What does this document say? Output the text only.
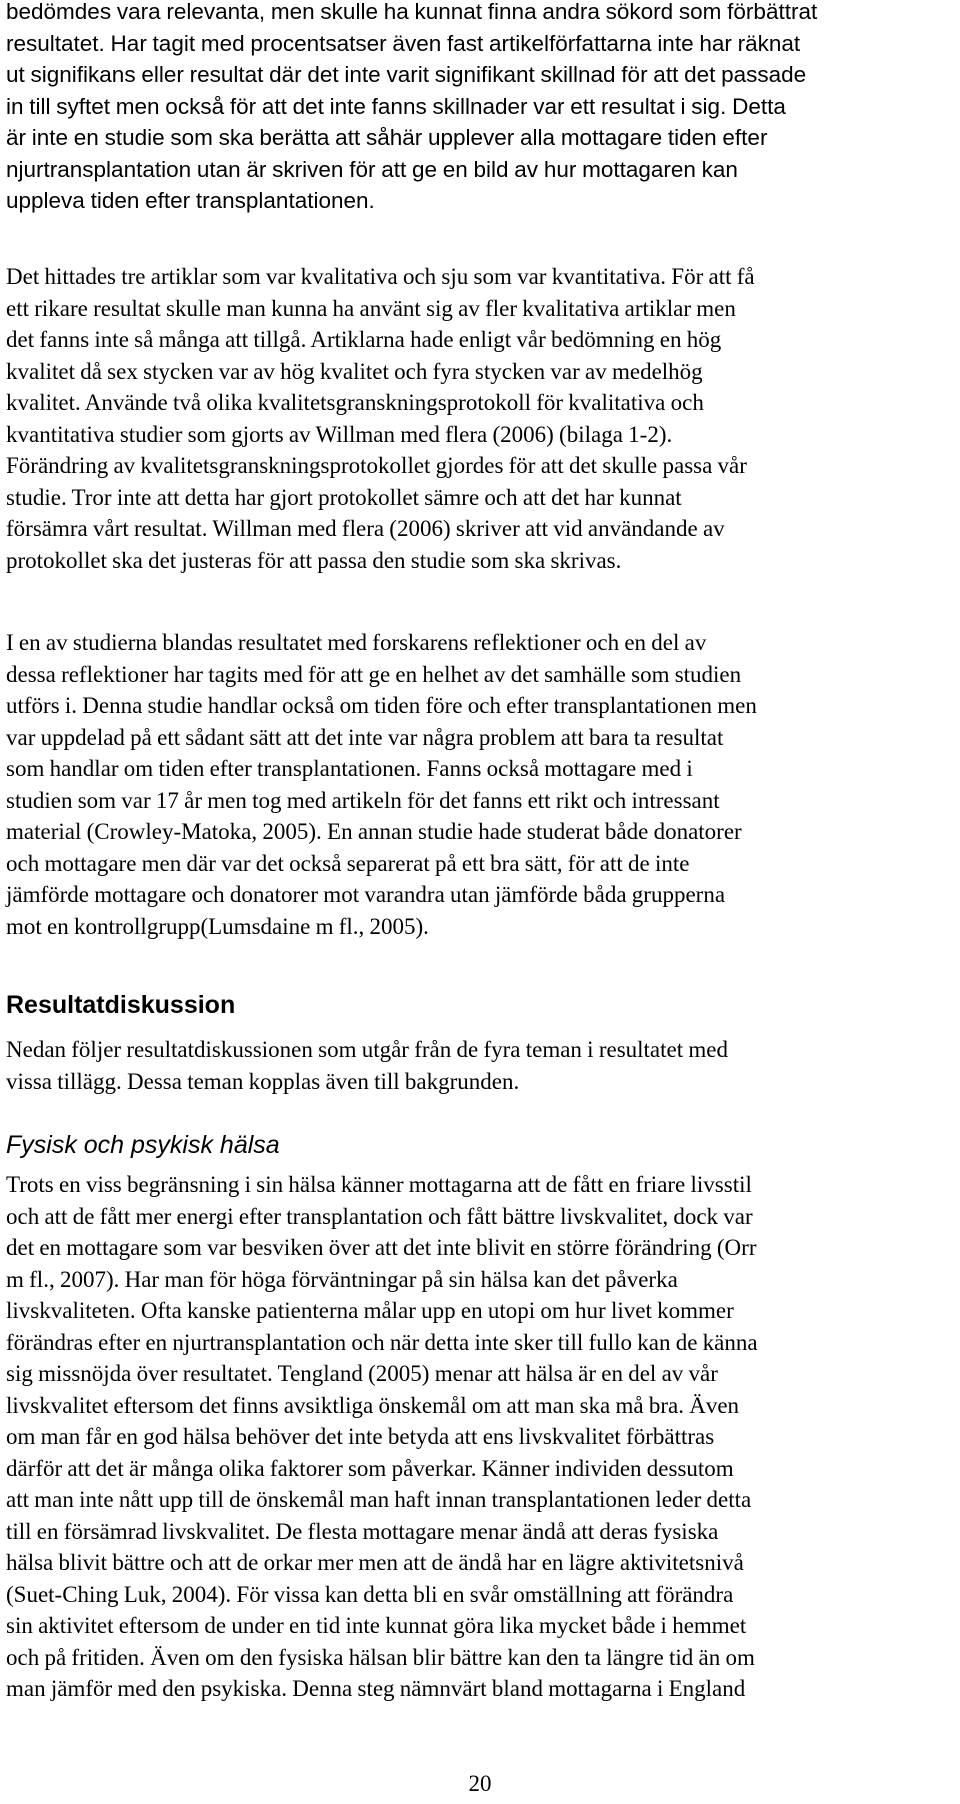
bedömdes vara relevanta, men skulle ha kunnat finna andra sökord som förbättrat
resultatet. Har tagit med procentsatser även fast artikelförfattarna inte har räknat
ut signifikans eller resultat där det inte varit signifikant skillnad för att det passade
in till syftet men också för att det inte fanns skillnader var ett resultat i sig. Detta
är inte en studie som ska berätta att såhär upplever alla mottagare tiden efter
njurtransplantation utan är skriven för att ge en bild av hur mottagaren kan
uppleva tiden efter transplantationen.

Det hittades tre artiklar som var kvalitativa och sju som var kvantitativa. För att få
ett rikare resultat skulle man kunna ha använt sig av fler kvalitativa artiklar men
det fanns inte så många att tillgå. Artiklarna hade enligt vår bedömning en hög
kvalitet då sex stycken var av hög kvalitet och fyra stycken var av medelhög
kvalitet. Använde två olika kvalitetsgranskningsprotokoll för kvalitativa och
kvantitativa studier som gjorts av Willman med flera (2006) (bilaga 1-2).
Förändring av kvalitetsgranskningsprotokollet gjordes för att det skulle passa vår
studie. Tror inte att detta har gjort protokollet sämre och att det har kunnat
försämra vårt resultat. Willman med flera (2006) skriver att vid användande av
protokollet ska det justeras för att passa den studie som ska skrivas.

I en av studierna blandas resultatet med forskarens reflektioner och en del av
dessa reflektioner har tagits med för att ge en helhet av det samhälle som studien
utförs i. Denna studie handlar också om tiden före och efter transplantationen men
var uppdelad på ett sådant sätt att det inte var några problem att bara ta resultat
som handlar om tiden efter transplantationen. Fanns också mottagare med i
studien som var 17 år men tog med artikeln för det fanns ett rikt och intressant
material (Crowley-Matoka, 2005). En annan studie hade studerat både donatorer
och mottagare men där var det också separerat på ett bra sätt, för att de inte
jämförde mottagare och donatorer mot varandra utan jämförde båda grupperna
mot en kontrollgrupp(Lumsdaine m fl., 2005).

Resultatdiskussion

Nedan följer resultatdiskussionen som utgår från de fyra teman i resultatet med
vissa tillägg. Dessa teman kopplas även till bakgrunden.

Fysisk och psykisk hälsa

Trots en viss begränsning i sin hälsa känner mottagarna att de fått en friare livsstil
och att de fått mer energi efter transplantation och fått bättre livskvalitet, dock var
det en mottagare som var besviken över att det inte blivit en större förändring (Orr
m fl., 2007). Har man för höga förväntningar på sin hälsa kan det påverka
livskvaliteten. Ofta kanske patienterna målar upp en utopi om hur livet kommer
förändras efter en njurtransplantation och när detta inte sker till fullo kan de känna
sig missnöjda över resultatet. Tengland (2005) menar att hälsa är en del av vår
livskvalitet eftersom det finns avsiktliga önskemål om att man ska må bra. Även
om man får en god hälsa behöver det inte betyda att ens livskvalitet förbättras
därför att det är många olika faktorer som påverkar. Känner individen dessutom
att man inte nått upp till de önskemål man haft innan transplantationen leder detta
till en försämrad livskvalitet. De flesta mottagare menar ändå att deras fysiska
hälsa blivit bättre och att de orkar mer men att de ändå har en lägre aktivitetsnivå
(Suet-Ching Luk, 2004). För vissa kan detta bli en svår omställning att förändra
sin aktivitet eftersom de under en tid inte kunnat göra lika mycket både i hemmet
och på fritiden. Även om den fysiska hälsan blir bättre kan den ta längre tid än om
man jämför med den psykiska. Denna steg nämnvärt bland mottagarna i England

20
